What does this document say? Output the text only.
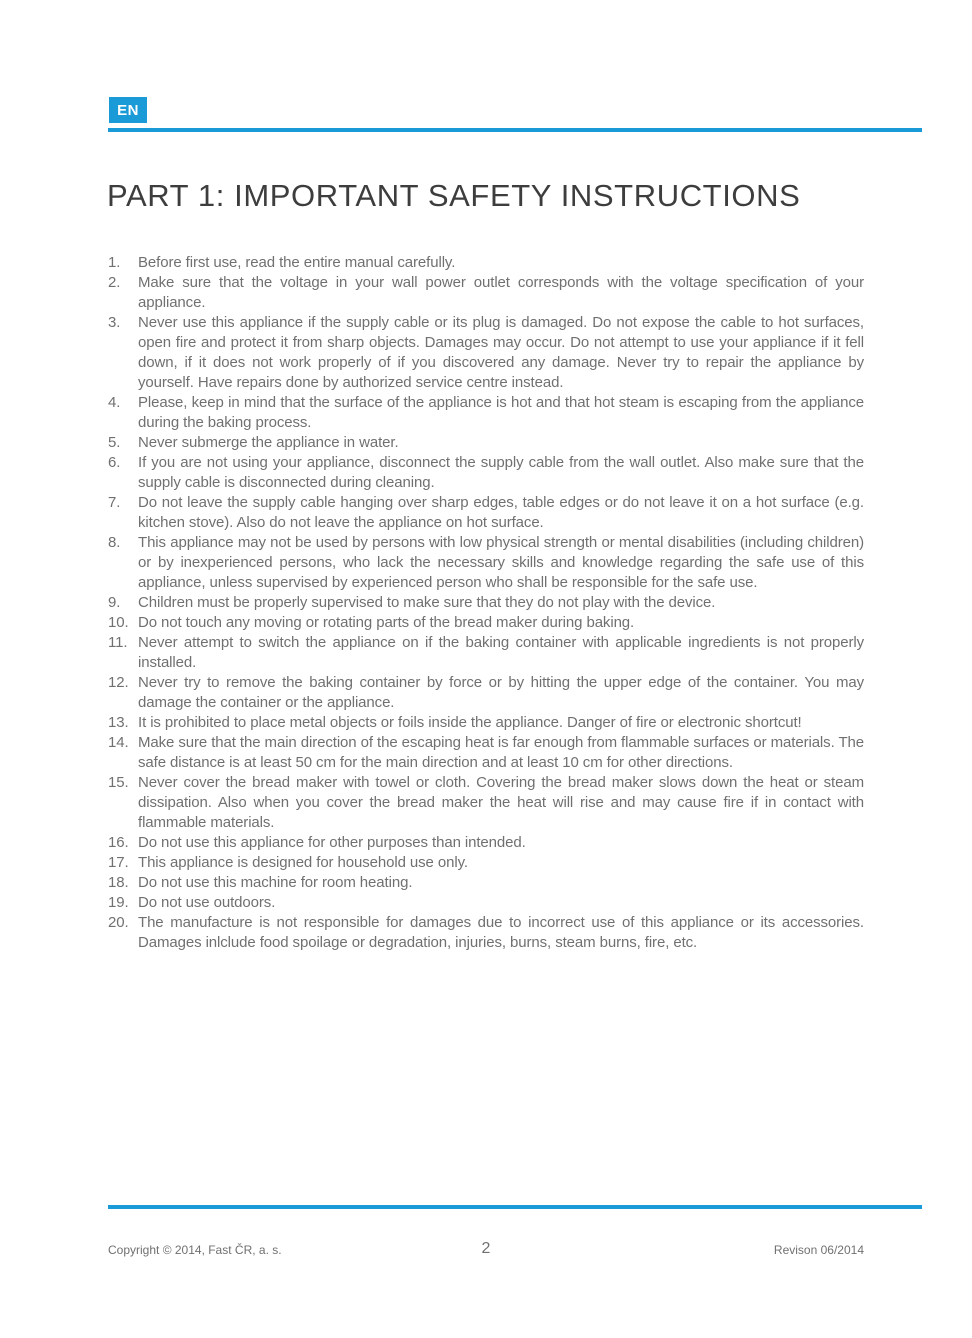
EN
PART 1: IMPORTANT SAFETY INSTRUCTIONS
1.	Before first use, read the entire manual carefully.
2.	Make sure that the voltage in your wall power outlet corresponds with the voltage specification of your appliance.
3.	Never use this appliance if the supply cable or its plug is damaged. Do not expose the cable to hot surfaces, open fire and protect it from sharp objects. Damages may occur. Do not attempt to use your appliance if it fell down, if it does not work properly of if you discovered any damage. Never try to repair the appliance by yourself. Have repairs done by authorized service centre instead.
4.	Please, keep in mind that the surface of the appliance is hot and that hot steam is escaping from the appliance during the baking process.
5.	Never submerge the appliance in water.
6.	If you are not using your appliance, disconnect the supply cable from the wall outlet. Also make sure that the supply cable is disconnected during cleaning.
7.	Do not leave the supply cable hanging over sharp edges, table edges or do not leave it on a hot surface (e.g. kitchen stove). Also do not leave the appliance on hot surface.
8.	This appliance may not be used by persons with low physical strength or mental disabilities (including children) or by inexperienced persons, who lack the necessary skills and knowledge regarding the safe use of this appliance, unless supervised by experienced person who shall be responsible for the safe use.
9.	Children must be properly supervised to make sure that they do not play with the device.
10. Do not touch any moving or rotating parts of the bread maker during baking.
11. Never attempt to switch the appliance on if the baking container with applicable ingredients is not properly installed.
12. Never try to remove the baking container by force or by hitting the upper edge of the container. You may damage the container or the appliance.
13. It is prohibited to place metal objects or foils inside the appliance. Danger of fire or electronic shortcut!
14. Make sure that the main direction of the escaping heat is far enough from flammable surfaces or materials. The safe distance is at least 50 cm for the main direction and at least 10 cm for other directions.
15. Never cover the bread maker with towel or cloth. Covering the bread maker slows down the heat or steam dissipation. Also when you cover the bread maker the heat will rise and may cause fire if in contact with flammable materials.
16. Do not use this appliance for other purposes than intended.
17. This appliance is designed for household use only.
18. Do not use this machine for room heating.
19. Do not use outdoors.
20. The manufacture is not responsible for damages due to incorrect use of this appliance or its accessories. Damages inlclude food spoilage or degradation, injuries, burns, steam burns, fire, etc.
Copyright © 2014, Fast ČR, a. s.	2	Revison 06/2014
